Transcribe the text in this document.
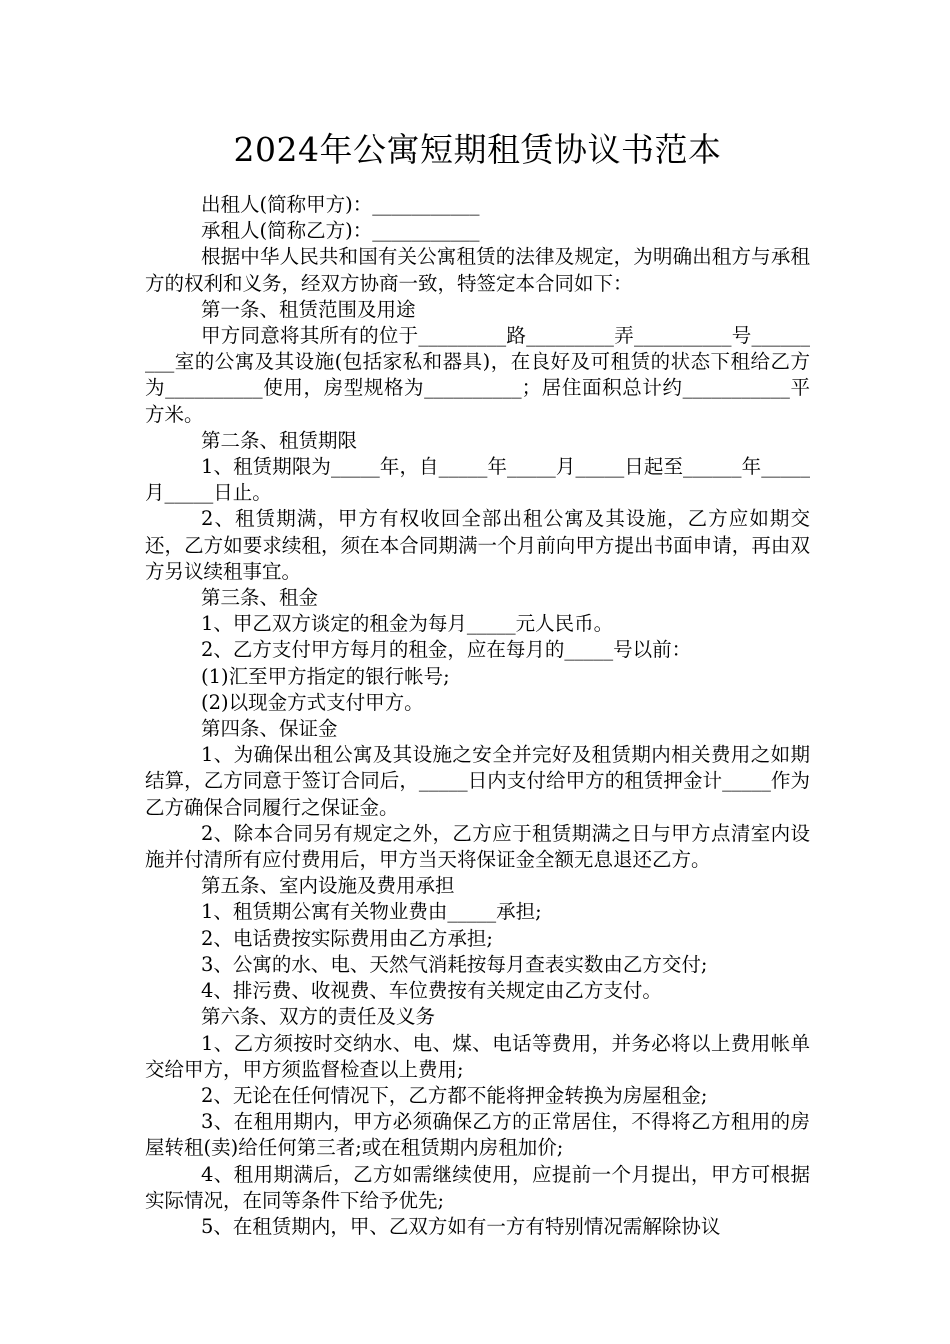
2024年公寓短期租赁协议书范本

出租人(简称甲方)：___________

承租人(简称乙方)：___________

根据中华人民共和国有关公寓租赁的法律及规定，为明确出租方与承租方的权利和义务，经双方协商一致，特签定本合同如下：

第一条、租赁范围及用途

甲方同意将其所有的位于_________路_________弄__________号_________室的公寓及其设施(包括家私和器具)，在良好及可租赁的状态下租给乙方为__________使用，房型规格为__________；居住面积总计约___________平方米。

第二条、租赁期限

1、租赁期限为_____年，自_____年_____月_____日起至______年_____月_____日止。

2、租赁期满，甲方有权收回全部出租公寓及其设施，乙方应如期交还，乙方如要求续租，须在本合同期满一个月前向甲方提出书面申请，再由双方另议续租事宜。

第三条、租金

1、甲乙双方谈定的租金为每月_____元人民币。

2、乙方支付甲方每月的租金，应在每月的_____号以前：

(1)汇至甲方指定的银行帐号;

(2)以现金方式支付甲方。

第四条、保证金

1、为确保出租公寓及其设施之安全并完好及租赁期内相关费用之如期结算，乙方同意于签订合同后，_____日内支付给甲方的租赁押金计_____作为乙方确保合同履行之保证金。

2、除本合同另有规定之外，乙方应于租赁期满之日与甲方点清室内设施并付清所有应付费用后，甲方当天将保证金全额无息退还乙方。

第五条、室内设施及费用承担

1、租赁期公寓有关物业费由_____承担;

2、电话费按实际费用由乙方承担;

3、公寓的水、电、天然气消耗按每月查表实数由乙方交付;

4、排污费、收视费、车位费按有关规定由乙方支付。

第六条、双方的责任及义务

1、乙方须按时交纳水、电、煤、电话等费用，并务必将以上费用帐单交给甲方，甲方须监督检查以上费用;

2、无论在任何情况下，乙方都不能将押金转换为房屋租金;

3、在租用期内，甲方必须确保乙方的正常居住，不得将乙方租用的房屋转租(卖)给任何第三者;或在租赁期内房租加价;

4、租用期满后，乙方如需继续使用，应提前一个月提出，甲方可根据实际情况，在同等条件下给予优先;

5、在租赁期内，甲、乙双方如有一方有特别情况需解除协议
